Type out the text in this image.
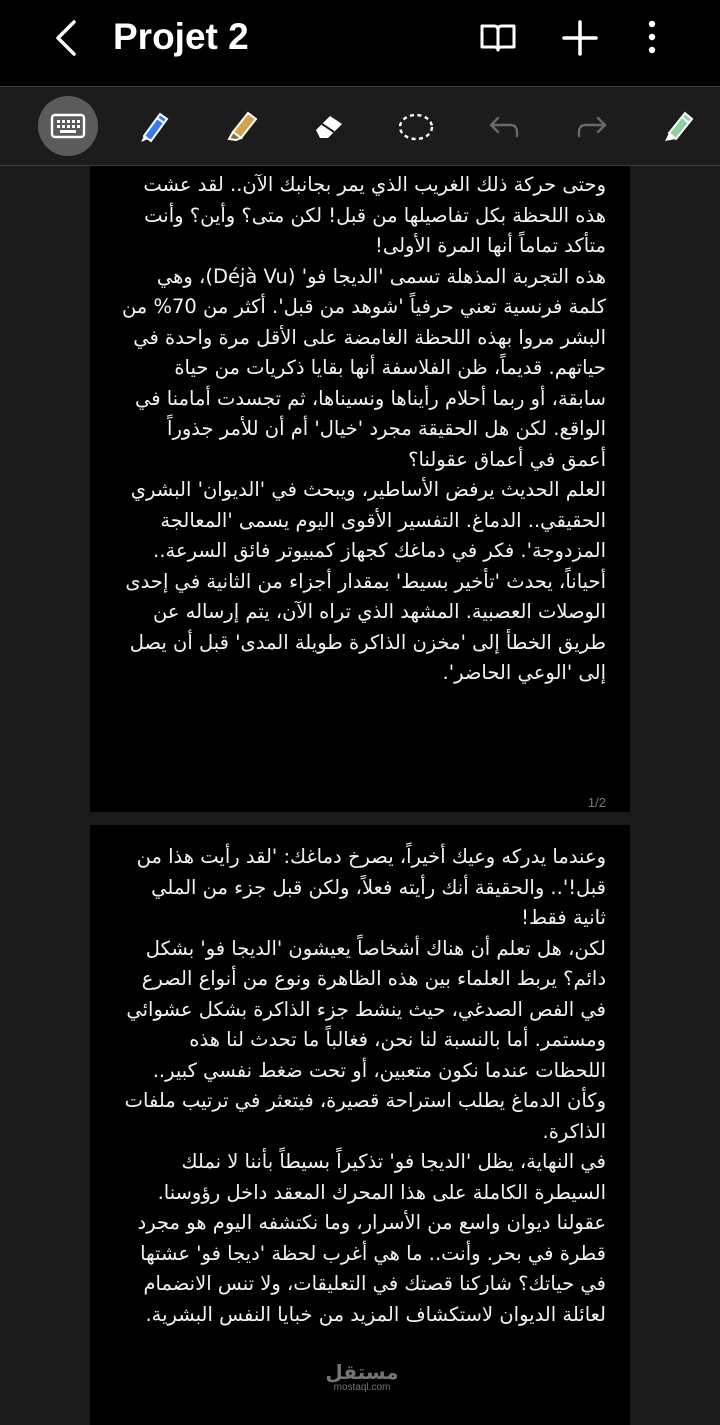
Projet 2

وحتى حركة ذلك الغريب الذي يمر بجانبك الآن.. لقد عشت هذه اللحظة بكل تفاصيلها من قبل! لكن متى؟ وأين؟ وأنت متأكد تماماً أنها المرة الأولى!

هذه التجربة المذهلة تسمى 'الديجا فو' (Déjà Vu)، وهي كلمة فرنسية تعني حرفياً 'شوهد من قبل'. أكثر من 70% من البشر مروا بهذه اللحظة الغامضة على الأقل مرة واحدة في حياتهم. قديماً، ظن الفلاسفة أنها بقايا ذكريات من حياة سابقة، أو ربما أحلام رأيناها ونسيناها، ثم تجسدت أمامنا في الواقع. لكن هل الحقيقة مجرد 'خيال' أم أن للأمر جذوراً أعمق في أعماق عقولنا؟

العلم الحديث يرفض الأساطير، ويبحث في 'الديوان' البشري الحقيقي.. الدماغ. التفسير الأقوى اليوم يسمى 'المعالجة المزدوجة'. فكر في دماغك كجهاز كمبيوتر فائق السرعة.. أحياناً، يحدث 'تأخير بسيط' بمقدار أجزاء من الثانية في إحدى الوصلات العصبية. المشهد الذي تراه الآن، يتم إرساله عن طريق الخطأ إلى 'مخزن الذاكرة طويلة المدى' قبل أن يصل إلى 'الوعي الحاضر'.

1/2

وعندما يدركه وعيك أخيراً، يصرخ دماغك: 'لقد رأيت هذا من قبل!'.. والحقيقة أنك رأيته فعلاً، ولكن قبل جزء من الملي ثانية فقط!

لكن، هل تعلم أن هناك أشخاصاً يعيشون 'الديجا فو' بشكل دائم؟ يربط العلماء بين هذه الظاهرة ونوع من أنواع الصرع في الفص الصدغي، حيث ينشط جزء الذاكرة بشكل عشوائي ومستمر. أما بالنسبة لنا نحن، فغالباً ما تحدث لنا هذه اللحظات عندما نكون متعبين، أو تحت ضغط نفسي كبير.. وكأن الدماغ يطلب استراحة قصيرة، فيتعثر في ترتيب ملفات الذاكرة.

في النهاية، يظل 'الديجا فو' تذكيراً بسيطاً بأننا لا نملك السيطرة الكاملة على هذا المحرك المعقد داخل رؤوسنا. عقولنا ديوان واسع من الأسرار، وما نكتشفه اليوم هو مجرد قطرة في بحر. وأنت.. ما هي أغرب لحظة 'ديجا فو' عشتها في حياتك؟ شاركنا قصتك في التعليقات، ولا تنس الانضمام لعائلة الديوان لاستكشاف المزيد من خبايا النفس البشرية.

مستقل
mostaql.com
